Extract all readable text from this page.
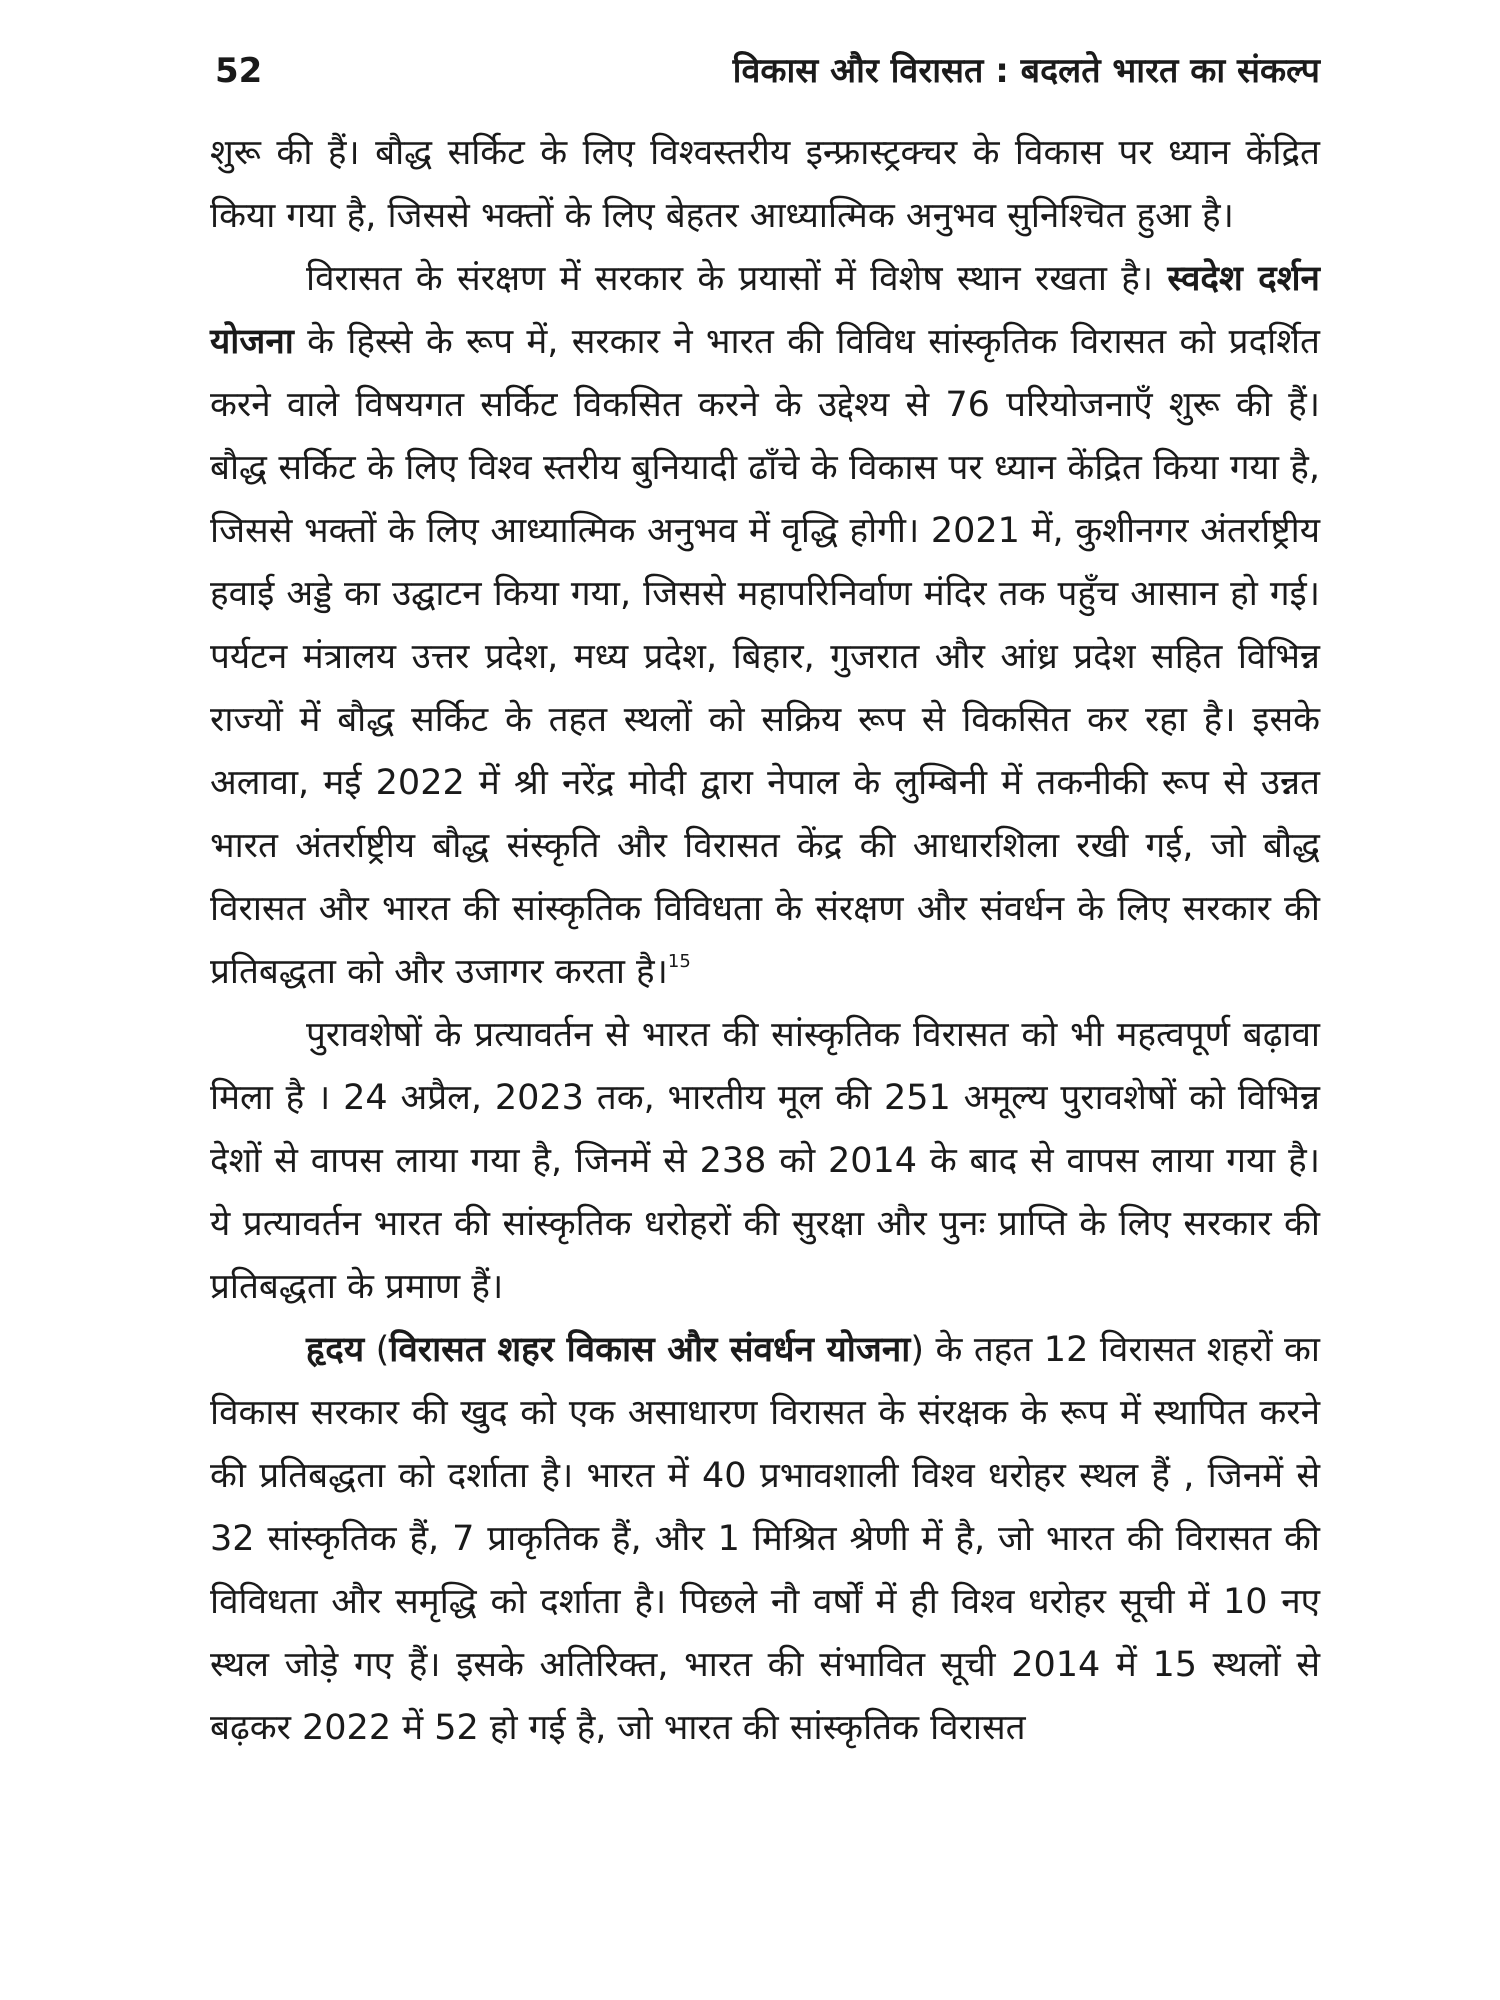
52	विकास और विरासत : बदलते भारत का संकल्प

शुरू की हैं। बौद्ध सर्किट के लिए विश्वस्तरीय इन्फ्रास्ट्रक्चर के विकास पर ध्यान केंद्रित किया गया है, जिससे भक्तों के लिए बेहतर आध्यात्मिक अनुभव सुनिश्चित हुआ है।

विरासत के संरक्षण में सरकार के प्रयासों में विशेष स्थान रखता है। स्वदेश दर्शन योजना के हिस्से के रूप में, सरकार ने भारत की विविध सांस्कृतिक विरासत को प्रदर्शित करने वाले विषयगत सर्किट विकसित करने के उद्देश्य से 76 परियोजनाएँ शुरू की हैं। बौद्ध सर्किट के लिए विश्व स्तरीय बुनियादी ढाँचे के विकास पर ध्यान केंद्रित किया गया है, जिससे भक्तों के लिए आध्यात्मिक अनुभव में वृद्धि होगी। 2021 में, कुशीनगर अंतर्राष्ट्रीय हवाई अड्डे का उद्घाटन किया गया, जिससे महापरिनिर्वाण मंदिर तक पहुँच आसान हो गई। पर्यटन मंत्रालय उत्तर प्रदेश, मध्य प्रदेश, बिहार, गुजरात और आंध्र प्रदेश सहित विभिन्न राज्यों में बौद्ध सर्किट के तहत स्थलों को सक्रिय रूप से विकसित कर रहा है। इसके अलावा, मई 2022 में श्री नरेंद्र मोदी द्वारा नेपाल के लुम्बिनी में तकनीकी रूप से उन्नत भारत अंतर्राष्ट्रीय बौद्ध संस्कृति और विरासत केंद्र की आधारशिला रखी गई, जो बौद्ध विरासत और भारत की सांस्कृतिक विविधता के संरक्षण और संवर्धन के लिए सरकार की प्रतिबद्धता को और उजागर करता है।$^{15}$

पुरावशेषों के प्रत्यावर्तन से भारत की सांस्कृतिक विरासत को भी महत्वपूर्ण बढ़ावा मिला है । 24 अप्रैल, 2023 तक, भारतीय मूल की 251 अमूल्य पुरावशेषों को विभिन्न देशों से वापस लाया गया है, जिनमें से 238 को 2014 के बाद से वापस लाया गया है। ये प्रत्यावर्तन भारत की सांस्कृतिक धरोहरों की सुरक्षा और पुनः प्राप्ति के लिए सरकार की प्रतिबद्धता के प्रमाण हैं।

हृदय (विरासत शहर विकास और संवर्धन योजना) के तहत 12 विरासत शहरों का विकास सरकार की खुद को एक असाधारण विरासत के संरक्षक के रूप में स्थापित करने की प्रतिबद्धता को दर्शाता है। भारत में 40 प्रभावशाली विश्व धरोहर स्थल हैं , जिनमें से 32 सांस्कृतिक हैं, 7 प्राकृतिक हैं, और 1 मिश्रित श्रेणी में है, जो भारत की विरासत की विविधता और समृद्धि को दर्शाता है। पिछले नौ वर्षों में ही विश्व धरोहर सूची में 10 नए स्थल जोड़े गए हैं। इसके अतिरिक्त, भारत की संभावित सूची 2014 में 15 स्थलों से बढ़कर 2022 में 52 हो गई है, जो भारत की सांस्कृतिक विरासत
